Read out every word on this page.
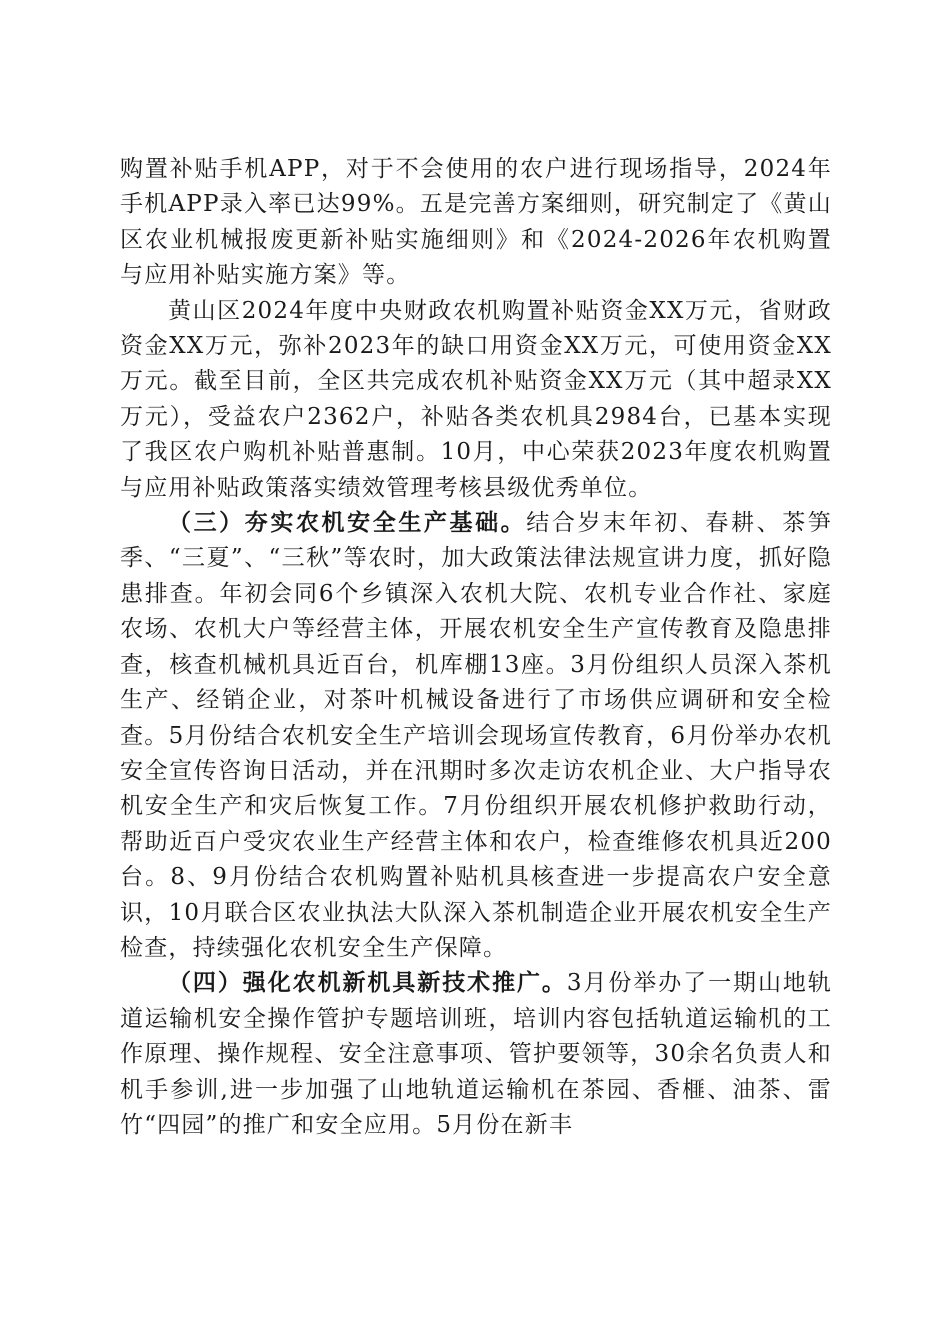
购置补贴手机APP，对于不会使用的农户进行现场指导，2024年手机APP录入率已达99%。五是完善方案细则，研究制定了《黄山区农业机械报废更新补贴实施细则》和《2024-2026年农机购置与应用补贴实施方案》等。

黄山区2024年度中央财政农机购置补贴资金XX万元，省财政资金XX万元，弥补2023年的缺口用资金XX万元，可使用资金XX万元。截至目前，全区共完成农机补贴资金XX万元（其中超录XX万元），受益农户2362户，补贴各类农机具2984台，已基本实现了我区农户购机补贴普惠制。10月，中心荣获2023年度农机购置与应用补贴政策落实绩效管理考核县级优秀单位。

（三）夯实农机安全生产基础。结合岁末年初、春耕、茶笋季、“三夏”、“三秋”等农时，加大政策法律法规宣讲力度，抓好隐患排查。年初会同6个乡镇深入农机大院、农机专业合作社、家庭农场、农机大户等经营主体，开展农机安全生产宣传教育及隐患排查，核查机械机具近百台，机库棚13座。3月份组织人员深入茶机生产、经销企业，对茶叶机械设备进行了市场供应调研和安全检查。5月份结合农机安全生产培训会现场宣传教育，6月份举办农机安全宣传咨询日活动，并在汛期时多次走访农机企业、大户指导农机安全生产和灾后恢复工作。7月份组织开展农机修护救助行动，帮助近百户受灾农业生产经营主体和农户，检查维修农机具近200台。8、9月份结合农机购置补贴机具核查进一步提高农户安全意识，10月联合区农业执法大队深入茶机制造企业开展农机安全生产检查，持续强化农机安全生产保障。

（四）强化农机新机具新技术推广。3月份举办了一期山地轨道运输机安全操作管护专题培训班，培训内容包括轨道运输机的工作原理、操作规程、安全注意事项、管护要领等，30余名负责人和机手参训,进一步加强了山地轨道运输机在茶园、香榧、油茶、雷竹“四园”的推广和安全应用。5月份在新丰
